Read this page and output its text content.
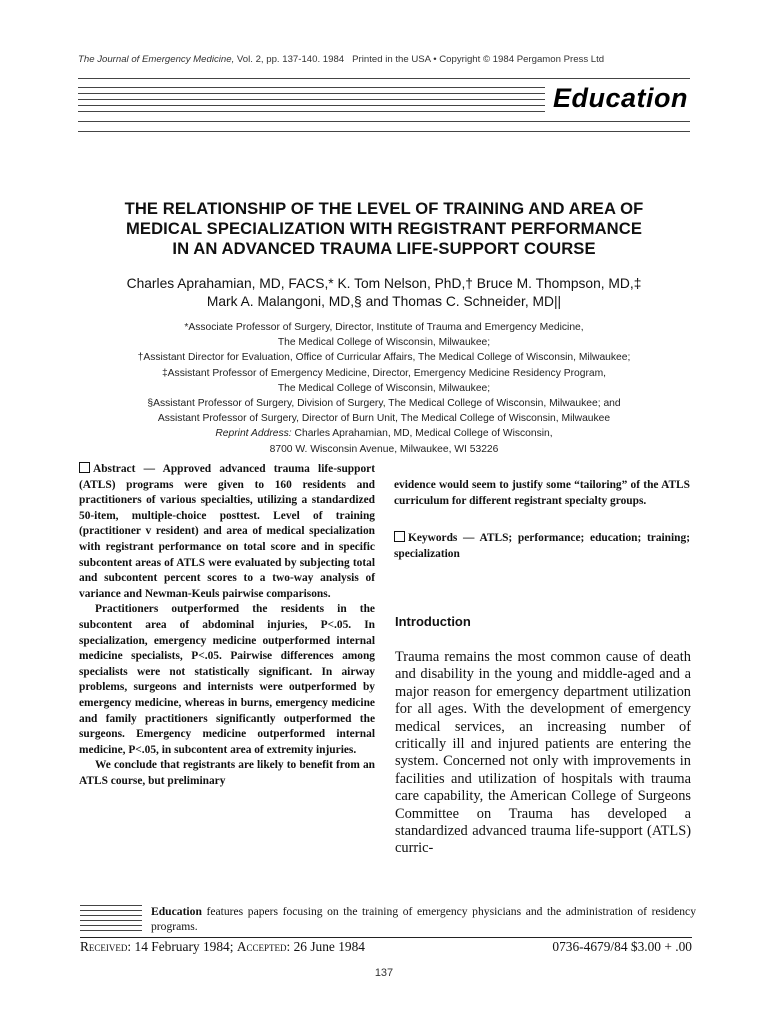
The Journal of Emergency Medicine, Vol. 2, pp. 137-140. 1984 Printed in the USA • Copyright © 1984 Pergamon Press Ltd
Education
THE RELATIONSHIP OF THE LEVEL OF TRAINING AND AREA OF
MEDICAL SPECIALIZATION WITH REGISTRANT PERFORMANCE
IN AN ADVANCED TRAUMA LIFE-SUPPORT COURSE
Charles Aprahamian, MD, FACS,* K. Tom Nelson, PhD,† Bruce M. Thompson, MD,‡
Mark A. Malangoni, MD,§ and Thomas C. Schneider, MD||
*Associate Professor of Surgery, Director, Institute of Trauma and Emergency Medicine,
The Medical College of Wisconsin, Milwaukee;
†Assistant Director for Evaluation, Office of Curricular Affairs, The Medical College of Wisconsin, Milwaukee;
‡Assistant Professor of Emergency Medicine, Director, Emergency Medicine Residency Program,
The Medical College of Wisconsin, Milwaukee;
§Assistant Professor of Surgery, Division of Surgery, The Medical College of Wisconsin, Milwaukee; and
Assistant Professor of Surgery, Director of Burn Unit, The Medical College of Wisconsin, Milwaukee
Reprint Address: Charles Aprahamian, MD, Medical College of Wisconsin,
8700 W. Wisconsin Avenue, Milwaukee, WI 53226

Abstract — Approved advanced trauma life-support (ATLS) programs were given to 160 residents and practitioners of various specialties, utilizing a standardized 50-item, multiple-choice posttest. Level of training (practitioner v resident) and area of medical specialization with registrant performance on total score and in specific subcontent areas of ATLS were evaluated by subjecting total and subcontent percent scores to a two-way analysis of variance and Newman-Keuls pairwise comparisons.

Practitioners outperformed the residents in the subcontent area of abdominal injuries, P<.05. In specialization, emergency medicine outperformed internal medicine specialists, P<.05. Pairwise differences among specialists were not statistically significant. In airway problems, surgeons and internists were outperformed by emergency medicine, whereas in burns, emergency medicine and family practitioners significantly outperformed the surgeons. Emergency medicine outperformed internal medicine, P<.05, in subcontent area of extremity injuries.

We conclude that registrants are likely to benefit from an ATLS course, but preliminary

evidence would seem to justify some “tailoring” of the ATLS curriculum for different registrant specialty groups.

Keywords — ATLS; performance; education; training; specialization

Introduction

Trauma remains the most common cause of death and disability in the young and middle-aged and a major reason for emergency department utilization for all ages. With the development of emergency medical services, an increasing number of critically ill and injured patients are entering the system. Concerned not only with improvements in facilities and utilization of hospitals with trauma care capability, the American College of Surgeons Committee on Trauma has developed a standardized advanced trauma life-support (ATLS) curric-

Education features papers focusing on the training of emergency physicians and the administration of residency programs.
Received: 14 February 1984; Accepted: 26 June 1984	0736-4679/84 $3.00 + .00
137
